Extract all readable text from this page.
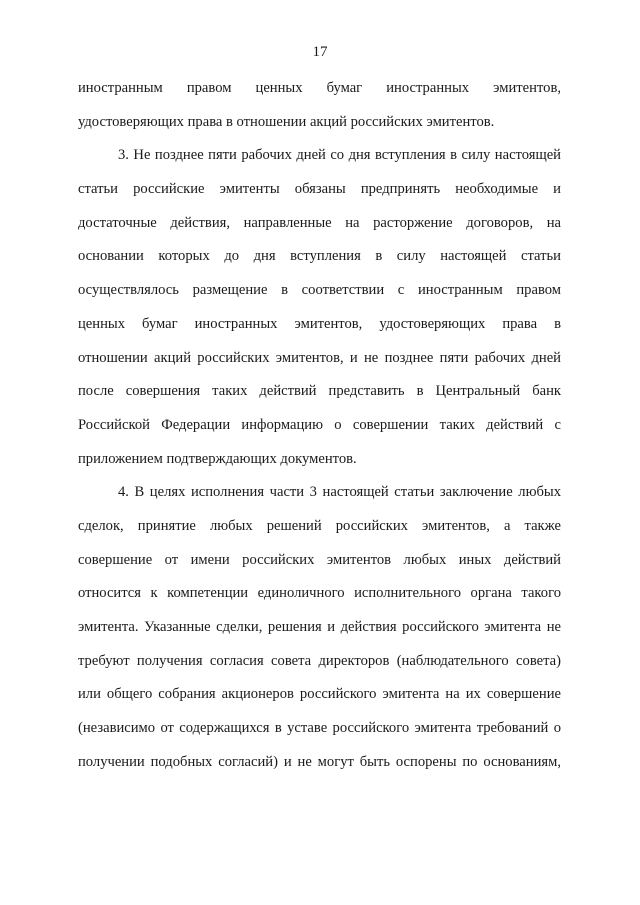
17
иностранным правом ценных бумаг иностранных эмитентов,
удостоверяющих права в отношении акций российских эмитентов.
3. Не позднее пяти рабочих дней со дня вступления в силу настоящей
статьи российские эмитенты обязаны предпринять необходимые и
достаточные действия, направленные на расторжение договоров, на
основании которых до дня вступления в силу настоящей статьи
осуществлялось размещение в соответствии с иностранным правом
ценных бумаг иностранных эмитентов, удостоверяющих права в
отношении акций российских эмитентов, и не позднее пяти рабочих дней
после совершения таких действий представить в Центральный банк
Российской Федерации информацию о совершении таких действий с
приложением подтверждающих документов.
4. В целях исполнения части 3 настоящей статьи заключение любых
сделок, принятие любых решений российских эмитентов, а также
совершение от имени российских эмитентов любых иных действий
относится к компетенции единоличного исполнительного органа такого
эмитента. Указанные сделки, решения и действия российского эмитента не
требуют получения согласия совета директоров (наблюдательного совета)
или общего собрания акционеров российского эмитента на их совершение
(независимо от содержащихся в уставе российского эмитента требований о
получении подобных согласий) и не могут быть оспорены по основаниям,
